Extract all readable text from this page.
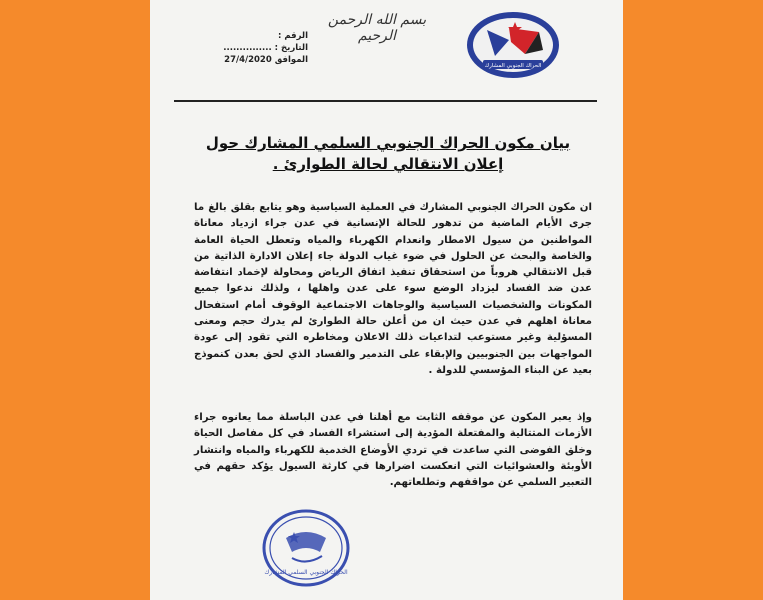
الرقم :
التاريخ : ...............
الموافق 27/4/2020
بسم الله الرحمن الرحيم
الحراك الجنوبي المشارك
بيان مكون الحراك الجنوبي السلمي المشارك حول إعلان الانتقالي لحالة الطوارئ .
ان مكون الحراك الجنوبي المشارك في العملية السياسية وهو يتابع بقلق بالغ ما جرى الأيام الماضية من تدهور للحالة الإنسانية في عدن جراء ازدياد معاناة المواطنين من سيول الامطار وانعدام الكهرباء والمياه وتعطل الحياة العامة والخاصة والبحث عن الحلول في ضوء غياب الدولة جاء إعلان الادارة الذاتية من قبل الانتقالي هروباً من استحقاق تنفيذ اتفاق الرياض ومحاولة لإخماد انتفاضة عدن ضد الفساد ليزداد الوضع سوء على عدن واهلها ، ولذلك ندعوا جميع المكونات والشخصيات السياسية والوجاهات الاجتماعية الوقوف أمام استفحال معاناة اهلهم في عدن حيث ان من أعلن حالة الطوارئ لم يدرك حجم ومعنى المسؤلية وغير مستوعب لتداعيات ذلك الاعلان ومخاطره التي تقود إلى عودة المواجهات بين الجنوبيين والإبقاء على التدمير والفساد الذي لحق بعدن كنموذج بعيد عن البناء المؤسسي للدولة .
وإذ يعبر المكون عن موقفه الثابت مع أهلنا في عدن الباسلة مما يعانوه جراء الأزمات المتتالية والمفتعلة المؤدية إلى استشراء الفساد في كل مفاصل الحياة وخلق الفوضى التي ساعدت في تردي الأوضاع الخدمية للكهرباء والمياه وانتشار الأوبئة والعشوائيات التي انعكست اضرارها في كارثة السيول يؤكد حقهم في التعبير السلمي عن مواقفهم وتطلعاتهم.
الحراك الجنوبي السلمي المشارك
